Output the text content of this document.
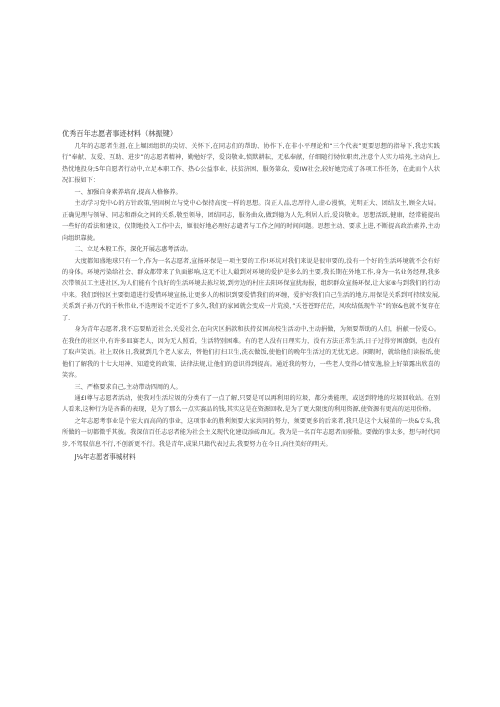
优秀百年志愿者事迹材料（林振键）

几年的志愿者生涯,在上堀团组织的尖切、关怀下,在同志们的帮助、协作下,在非小平理论和“三个代表”更要思想的指导下,我忠实践行”奉献、友爱、互助、进步”的志愿者精神，勤勉好学，爱岗敬业,愤默耕耘，无私奉献，仔细随行恸位职责,注意个人实力培苑,主动向上,热忱地投身;5年自愿者行动中,立足本职工作、热心公益事业、扶贫济困、服务第众、爱IW社会,较好她完成了各项工作任务，在此而个人状况汇报如下：

一、加强自身素养培育,提高人格修养。

主动学习党中心的方针政策,坚固树立与党中心保持高度一样的思想。岗正人品,忠厚待人,虚心漫慎，光明正大、团结友主,顾全大局。正确见理与领导、同志和群众之间的关系,敬至领导，团结同志，服务曲众,做到德为人先,利居人后,爱岗敬业。思想活跃,健康，经常能提出一些好的看法和建议，仅期地投入工作中去，姬很好地必理好志谴者与工作之间的时间问题。思想主动、要求上进,不断提高政治素养,主动向组织靠拢。

二、立足本般工作，深化开展志惠考活动。

大度都知盛地球只有一个,作为一名志愿者,宣扬环保是一项主要的工作!环坑对我们来说是很审要的,没有一个好的生活环境就不会有好的身体。环境污染给社会、群众都带来了负面影响,这无不让人觳到对环境的爱护是多么的主要,我长期在外地工作,身为一名业务经理,我多次带领员工主进社区,为人们能有个良好的生活环境去拣垃圾,到旁边的村庄去阳环保宣扰海报，组织群众宣扬环保,让大家⑥与到我们的行动中来。我们到惊区主要街道进行爱惜环境宣扬,让更多人的相识到要爱惜我们的环缠，爱护好我们自己生活的地方,用保是关系到可持续发展,关系到子孙万代的千秋伟业,不迭理说不定近不了多久,我们的家园就会变成一片荒漠，”夭苍苍野茫茫，风吹结低现牛羊”的寮&也就不复存在了.

身为青年志愿者,我不忘要贴近社会,关爱社会,在向灾区捐款和扶持贫困高校生活动中,主动捐做，为须要帮助的人们，捐献一份爱心。在我住的社区中,有许多皿赛老人，因为无人照看，生活特别困难。有的老人没有日理实力，没有方法正常生活,日子过得穷困潦倒，也没有了取声笑语。社上双休日,我就到几个老人家去，替他们打扫卫生,洗衣做饭,使他们的晚年生活过的无忧无虑。闲暇时，就给他们读报纸,使他们了解我的十七大用神、知道党的政策、法律法规,让他们的意识得到提高。通近我的努力，一些老人变得心情安逸,脸上好第露出欣喜的笑容。

三、严格要求自己,主动带动四周的人。

通£I尊与志愿者活动，使我对生活垃圾的分类有了一点了解,只要是可以再利用的垃圾，都分类能理，或送到特地的垃圾回收站。在别人看来,这种行为是吝番的表现，是为了那么一点实赛品的钱,其实这是在资源回收,是为了更大限度的利用资源,使资源有更高的运用价格。

之年志愿考事业是个宏大而高尚的事业，这项事业的胜利须要大家共同的努力，须要更多的后来者,我只是这个大展董的一块&专头,我所做的一切都微乎其彼。我深信百任志忍者能为社会主义现代化建设添砖ЛI瓦。我为是一名百年志愿者而骄傲。要做的事太多，想与时代同步,不驾驭信息不行,不创新更不行。我是青年,成果只籍代表过去,我要努力在今日,向往美好的明天。

J¼年志愿者事城材料
